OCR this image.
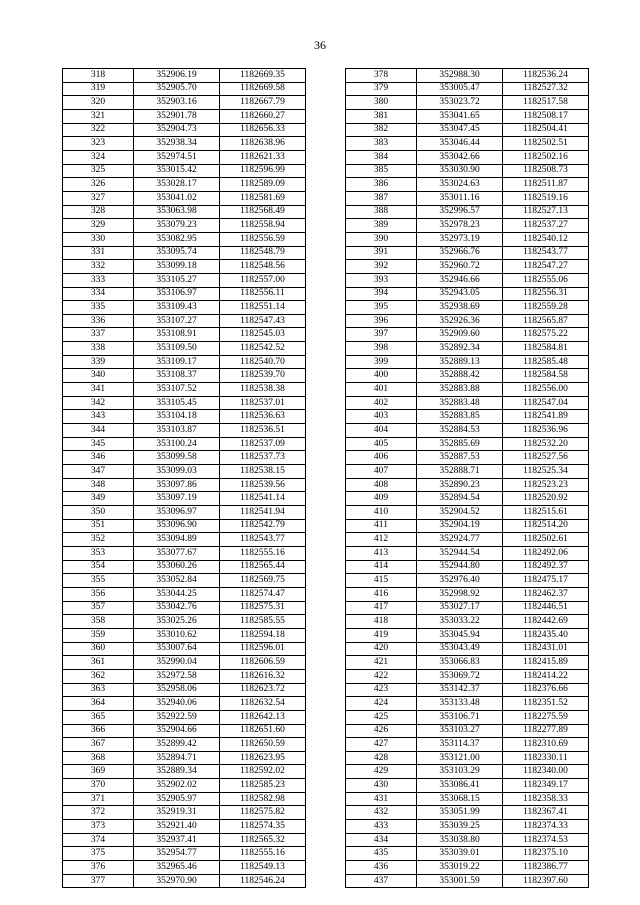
36
318	352906.19	1182669.35
319	352905.70	1182669.58
320	352903.16	1182667.79
321	352901.78	1182660.27
322	352904.73	1182656.33
323	352938.34	1182638.96
324	352974.51	1182621.33
325	353015.42	1182596.99
326	353028.17	1182589.09
327	353041.02	1182581.69
328	353063.98	1182568.49
329	353079.23	1182558.94
330	353082.95	1182556.59
331	353095.74	1182548.79
332	353099.18	1182548.56
333	353105.27	1182557.00
334	353106.97	1182556.11
335	353109.43	1182551.14
336	353107.27	1182547.43
337	353108.91	1182545.03
338	353109.50	1182542.52
339	353109.17	1182540.70
340	353108.37	1182539.70
341	353107.52	1182538.38
342	353105.45	1182537.01
343	353104.18	1182536.63
344	353103.87	1182536.51
345	353100.24	1182537.09
346	353099.58	1182537.73
347	353099.03	1182538.15
348	353097.86	1182539.56
349	353097.19	1182541.14
350	353096.97	1182541.94
351	353096.90	1182542.79
352	353094.89	1182543.77
353	353077.67	1182555.16
354	353060.26	1182565.44
355	353052.84	1182569.75
356	353044.25	1182574.47
357	353042.76	1182575.31
358	353025.26	1182585.55
359	353010.62	1182594.18
360	353007.64	1182596.01
361	352990.04	1182606.59
362	352972.58	1182616.32
363	352958.06	1182623.72
364	352940.06	1182632.54
365	352922.59	1182642.13
366	352904.66	1182651.60
367	352899.42	1182650.59
368	352894.71	1182623.95
369	352889.34	1182592.02
370	352902.02	1182585.23
371	352905.97	1182582.98
372	352919.31	1182575.82
373	352921.40	1182574.35
374	352937.41	1182565.32
375	352954.77	1182555.16
376	352965.46	1182549.13
377	352970.90	1182546.24
378	352988.30	1182536.24
379	353005.47	1182527.32
380	353023.72	1182517.58
381	353041.65	1182508.17
382	353047.45	1182504.41
383	353046.44	1182502.51
384	353042.66	1182502.16
385	353030.90	1182508.73
386	353024.63	1182511.87
387	353011.16	1182519.16
388	352996.57	1182527.13
389	352978.23	1182537.27
390	352973.19	1182540.12
391	352966.76	1182543.77
392	352960.72	1182547.27
393	352946.66	1182555.06
394	352943.05	1182556.31
395	352938.69	1182559.28
396	352926.36	1182565.87
397	352909.60	1182575.22
398	352892.34	1182584.81
399	352889.13	1182585.48
400	352888.42	1182584.58
401	352883.88	1182556.00
402	352883.48	1182547.04
403	352883.85	1182541.89
404	352884.53	1182536.96
405	352885.69	1182532.20
406	352887.53	1182527.56
407	352888.71	1182525.34
408	352890.23	1182523.23
409	352894.54	1182520.92
410	352904.52	1182515.61
411	352904.19	1182514.20
412	352924.77	1182502.61
413	352944.54	1182492.06
414	352944.80	1182492.37
415	352976.40	1182475.17
416	352998.92	1182462.37
417	353027.17	1182446.51
418	353033.22	1182442.69
419	353045.94	1182435.40
420	353043.49	1182431.01
421	353066.83	1182415.89
422	353069.72	1182414.22
423	353142.37	1182376.66
424	353133.48	1182351.52
425	353106.71	1182275.59
426	353103.27	1182277.89
427	353114.37	1182310.69
428	353121.00	1182330.11
429	353103.29	1182340.00
430	353086.41	1182349.17
431	353068.15	1182358.33
432	353051.99	1182367.41
433	353039.25	1182374.33
434	353038.80	1182374.53
435	353039.01	1182375.10
436	353019.22	1182386.77
437	353001.59	1182397.60
